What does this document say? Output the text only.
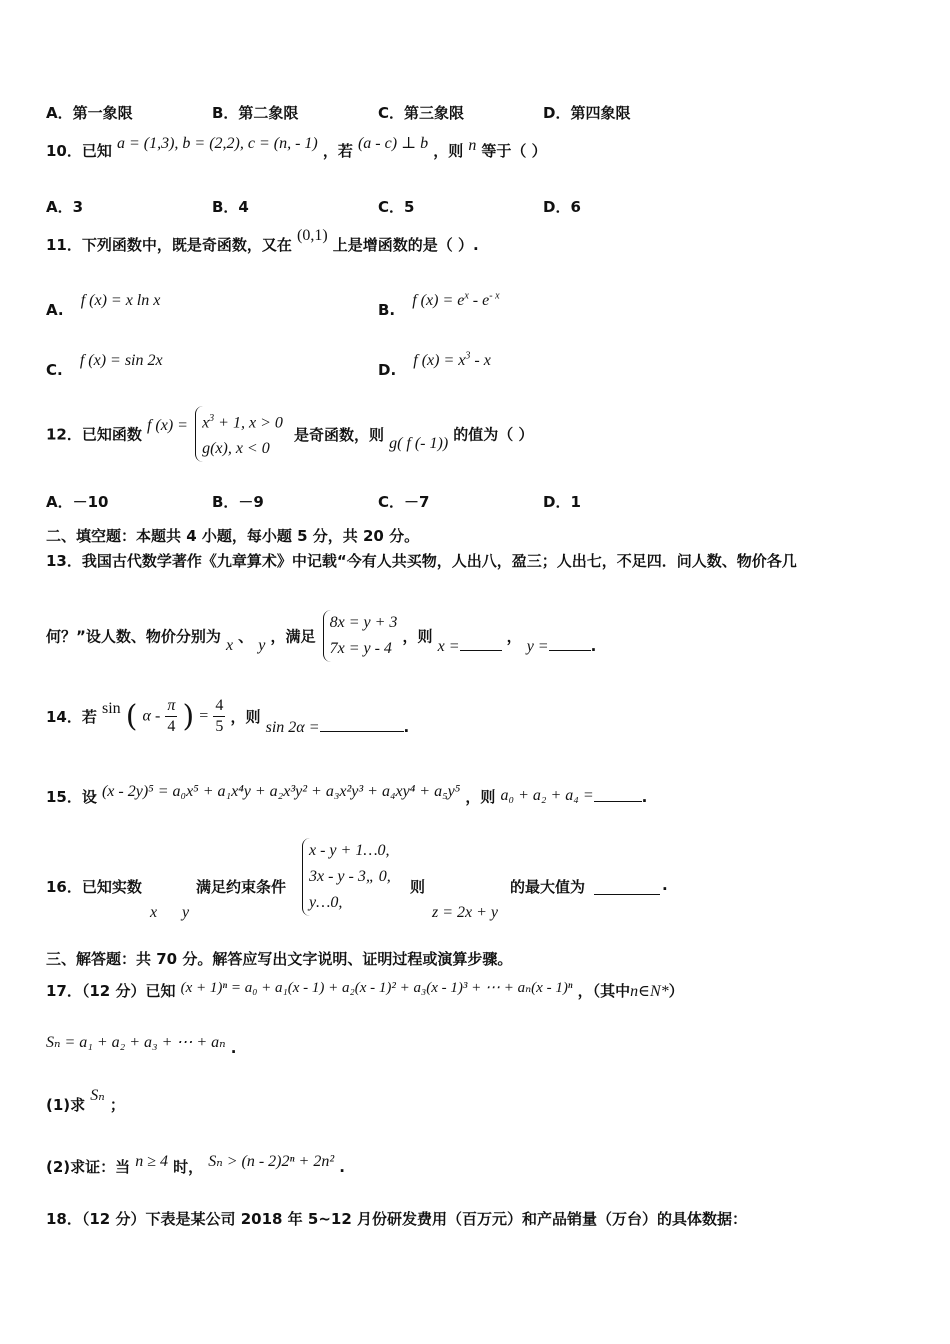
A．第一象限	B．第二象限	C．第三象限	D．第四象限
10．已知 a = (1,3), b = (2,2), c = (n, - 1) ，若 (a - c) ⊥ b ，则 n 等于（ ）
A．3	B．4	C．5	D．6
11．下列函数中，既是奇函数，又在 (0,1) 上是增函数的是（ ）.
A. f (x) = x ln x
B. f $(x) = e^x - e^{- x}$
C. f (x) = sin 2x
D. f $(x) = x^3 - x$
12．已知函数 f $(x) = x^3 + 1$, x > 0
g(x), x < 0
是奇函数，则 g( f (- 1)) 的值为（ ）
A．－10	B．－9	C．－7	D．1
二、填空题：本题共 4 小题，每小题 5 分，共 20 分。
13．我国古代数学著作《九章算术》中记载“今有人共买物，人出八，盈三；人出七，不足四．问人数、物价各几
何？”设人数、物价分别为 x 、 y ，满足
8x = y + 3
7x = y - 4
，则 x = ， y =	.
14．若 sin ( α - $\frac{\pi}{4}$ ) = $\frac{4}{5}$ ，则 sin 2α =	.
15．设 (x - 2y)⁵ = a₀x⁵ + a₁x⁴y + a₂x³y² + a₃x²y³ + a₄xy⁴ + a₅y⁵ ，则 a₀ + a₂ + a₄ =	.
16．已知实数
x y
满足约束条件
x - y + 1…0,
3x - y - 3„ 0,
y…0,
则
z = 2x + y
的最大值为	.
三、解答题：共 70 分。解答应写出文字说明、证明过程或演算步骤。
17．（12 分）已知 (x + 1)ⁿ = a₀ + a₁(x - 1) + a₂(x - 1)² + a₃(x - 1)³ + ⋯ + aₙ(x - 1)ⁿ ，（其中n∈N*）
Sₙ = a₁ + a₂ + a₃ + ⋯ + aₙ .
(1)求 Sₙ ；
(2)求证：当 n ≥ 4 时， Sₙ > (n - 2)2ⁿ + 2n² .
18．（12 分）下表是某公司 2018 年 5~12 月份研发费用（百万元）和产品销量（万台）的具体数据：
